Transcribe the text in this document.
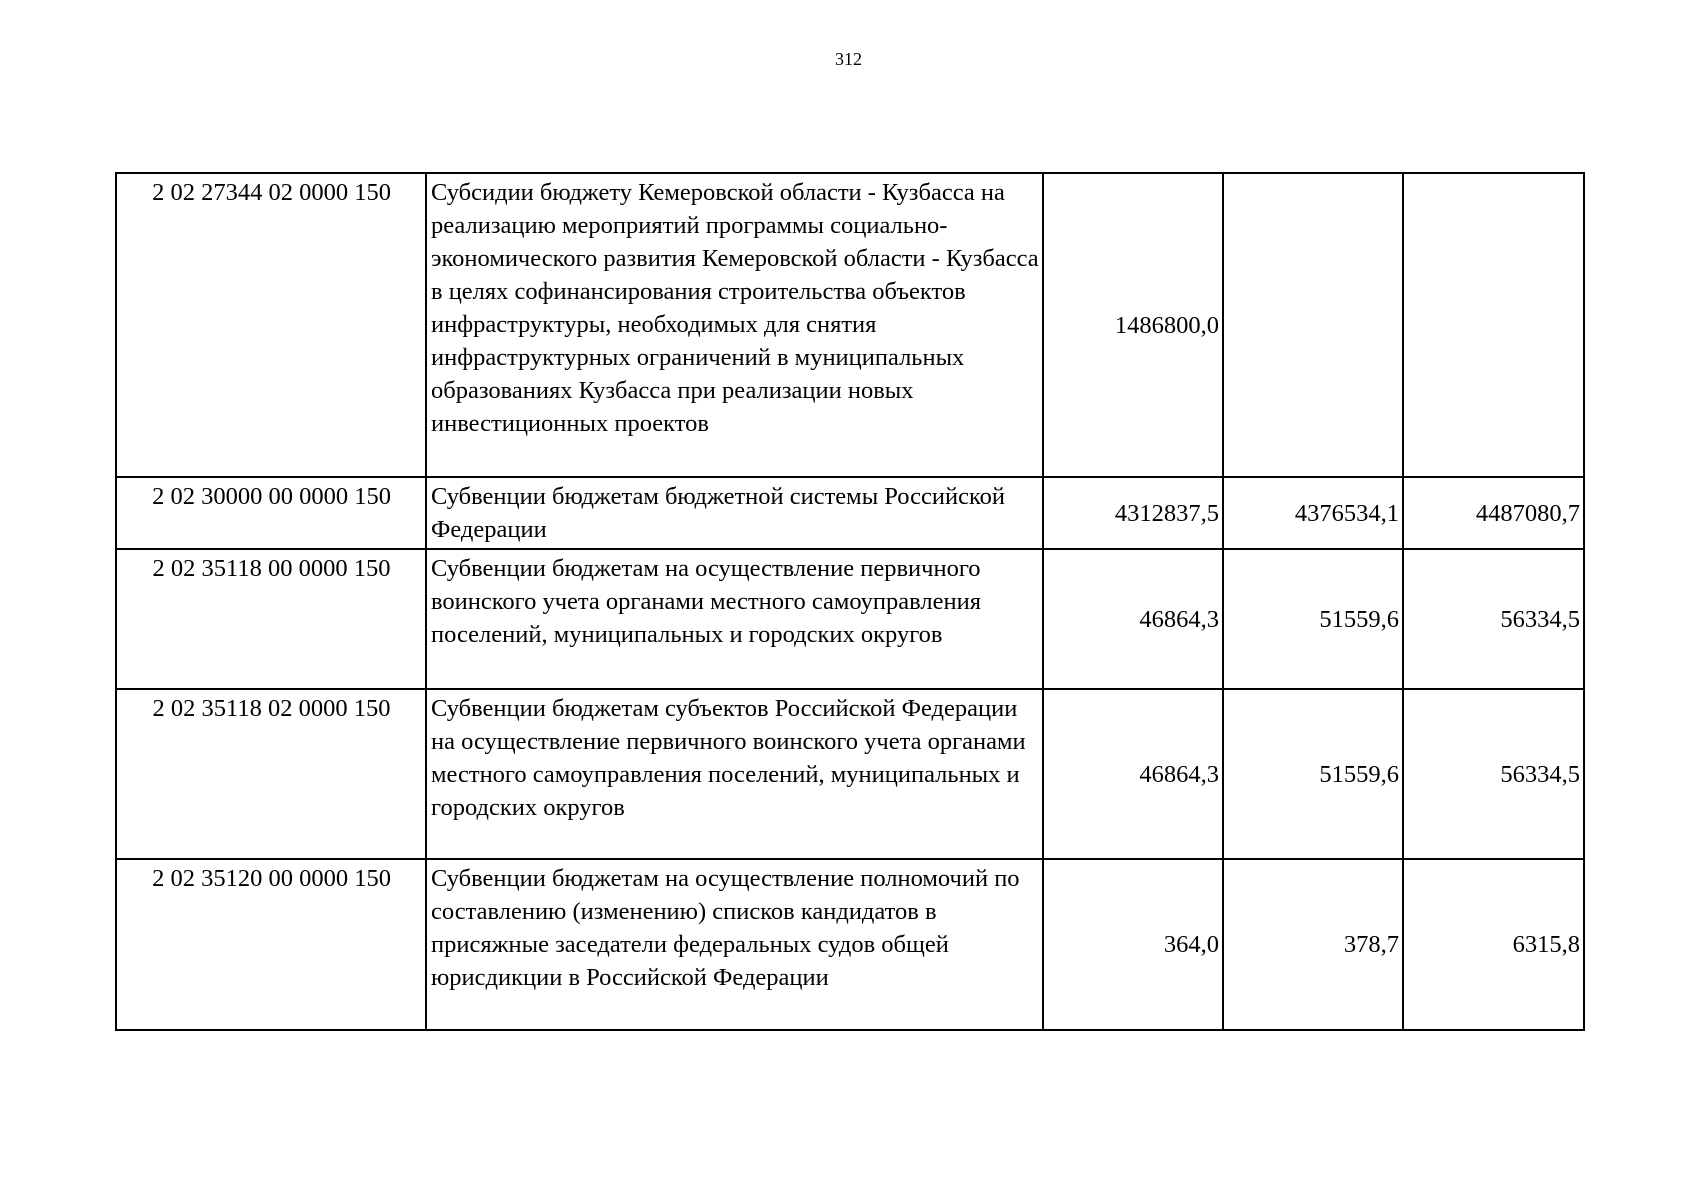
312
2 02 27344 02 0000 150	Субсидии бюджету Кемеровской области - Кузбасса на реализацию мероприятий программы социально-экономического развития Кемеровской области - Кузбасса в целях софинансирования строительства объектов инфраструктуры, необходимых для снятия инфраструктурных ограничений в муниципальных образованиях Кузбасса при реализации новых инвестиционных проектов	1486800,0		
2 02 30000 00 0000 150	Субвенции бюджетам бюджетной системы Российской Федерации	4312837,5	4376534,1	4487080,7
2 02 35118 00 0000 150	Субвенции бюджетам на осуществление первичного воинского учета органами местного самоуправления поселений, муниципальных и городских округов	46864,3	51559,6	56334,5
2 02 35118 02 0000 150	Субвенции бюджетам субъектов Российской Федерации на осуществление первичного воинского учета органами местного самоуправления поселений, муниципальных и городских округов	46864,3	51559,6	56334,5
2 02 35120 00 0000 150	Субвенции бюджетам на осуществление полномочий по составлению (изменению) списков кандидатов в присяжные заседатели федеральных судов общей юрисдикции в Российской Федерации	364,0	378,7	6315,8
